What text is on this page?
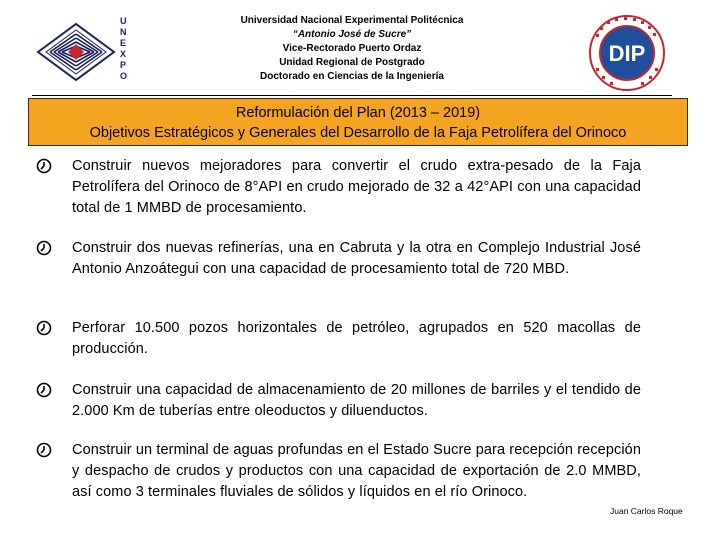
U
N
E
X
P
O
Universidad Nacional Experimental Politécnica
“Antonio José de Sucre”
Vice-Rectorado Puerto Ordaz
Unidad Regional de Postgrado
Doctorado en Ciencias de la Ingeniería
DIP
Reformulación del Plan (2013 – 2019)
Objetivos Estratégicos y Generales del Desarrollo de la Faja Petrolífera del Orinoco
Construir nuevos mejoradores para convertir el crudo extra-pesado de la Faja Petrolífera del Orinoco de 8°API en crudo mejorado de 32 a 42°API con una capacidad total de 1 MMBD de procesamiento.
Construir dos nuevas refinerías, una en Cabruta y la otra en Complejo Industrial José Antonio Anzoátegui con una capacidad de procesamiento total de 720 MBD.
Perforar 10.500 pozos horizontales de petróleo, agrupados en 520 macollas de producción.
Construir una capacidad de almacenamiento de 20 millones de barriles y el tendido de 2.000 Km de tuberías entre oleoductos y diluenductos.
Construir un terminal de aguas profundas en el Estado Sucre para recepción recepción y despacho de crudos y productos con una capacidad de exportación de 2.0 MMBD, así como 3 terminales fluviales de sólidos y líquidos en el río Orinoco.
Juan Carlos Roque
